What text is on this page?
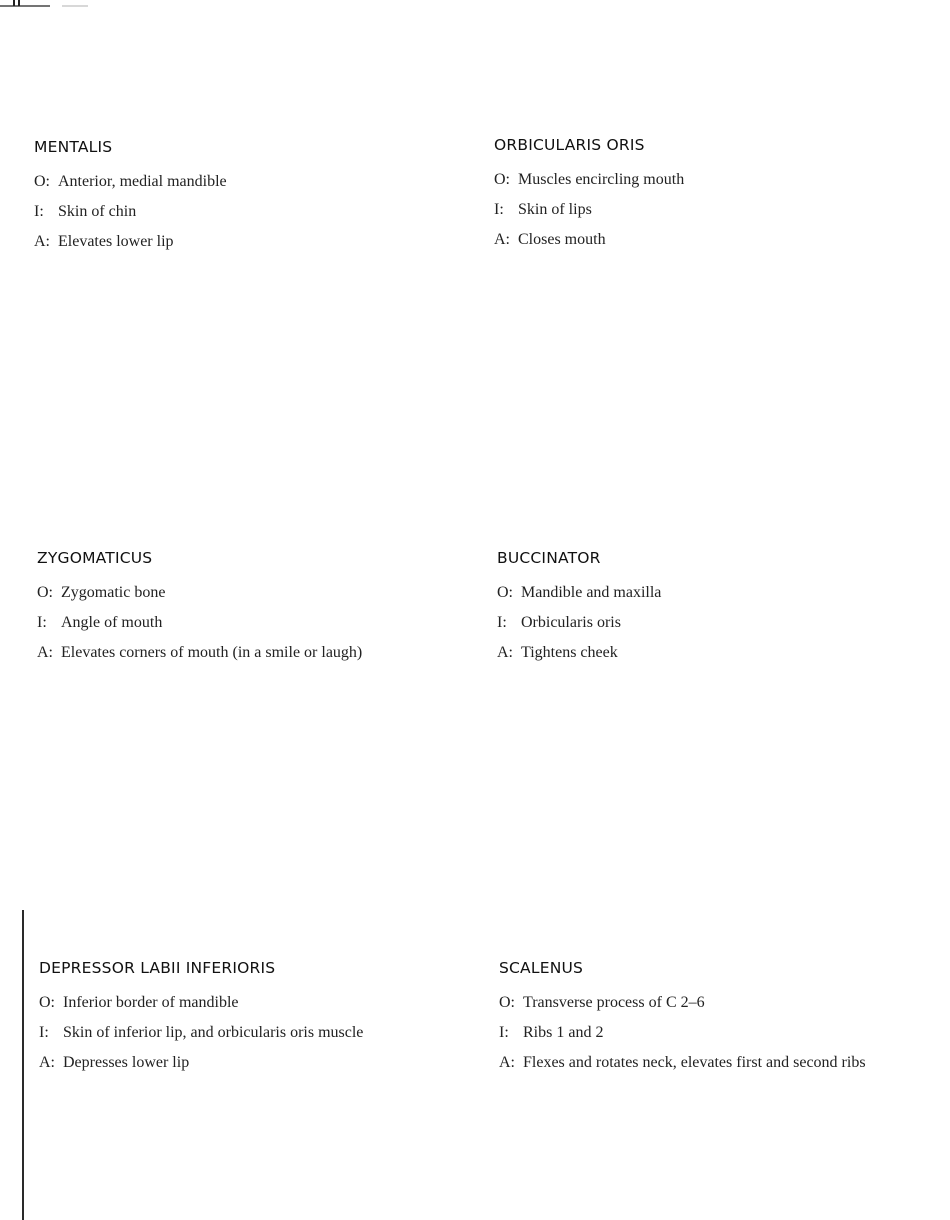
MENTALIS
O: Anterior, medial mandible
I: Skin of chin
A: Elevates lower lip
ORBICULARIS ORIS
O: Muscles encircling mouth
I: Skin of lips
A: Closes mouth
ZYGOMATICUS
O: Zygomatic bone
I: Angle of mouth
A: Elevates corners of mouth (in a smile or laugh)
BUCCINATOR
O: Mandible and maxilla
I: Orbicularis oris
A: Tightens cheek
DEPRESSOR LABII INFERIORIS
O: Inferior border of mandible
I: Skin of inferior lip, and orbicularis oris muscle
A: Depresses lower lip
SCALENUS
O: Transverse process of C 2–6
I: Ribs 1 and 2
A: Flexes and rotates neck, elevates first and second ribs
